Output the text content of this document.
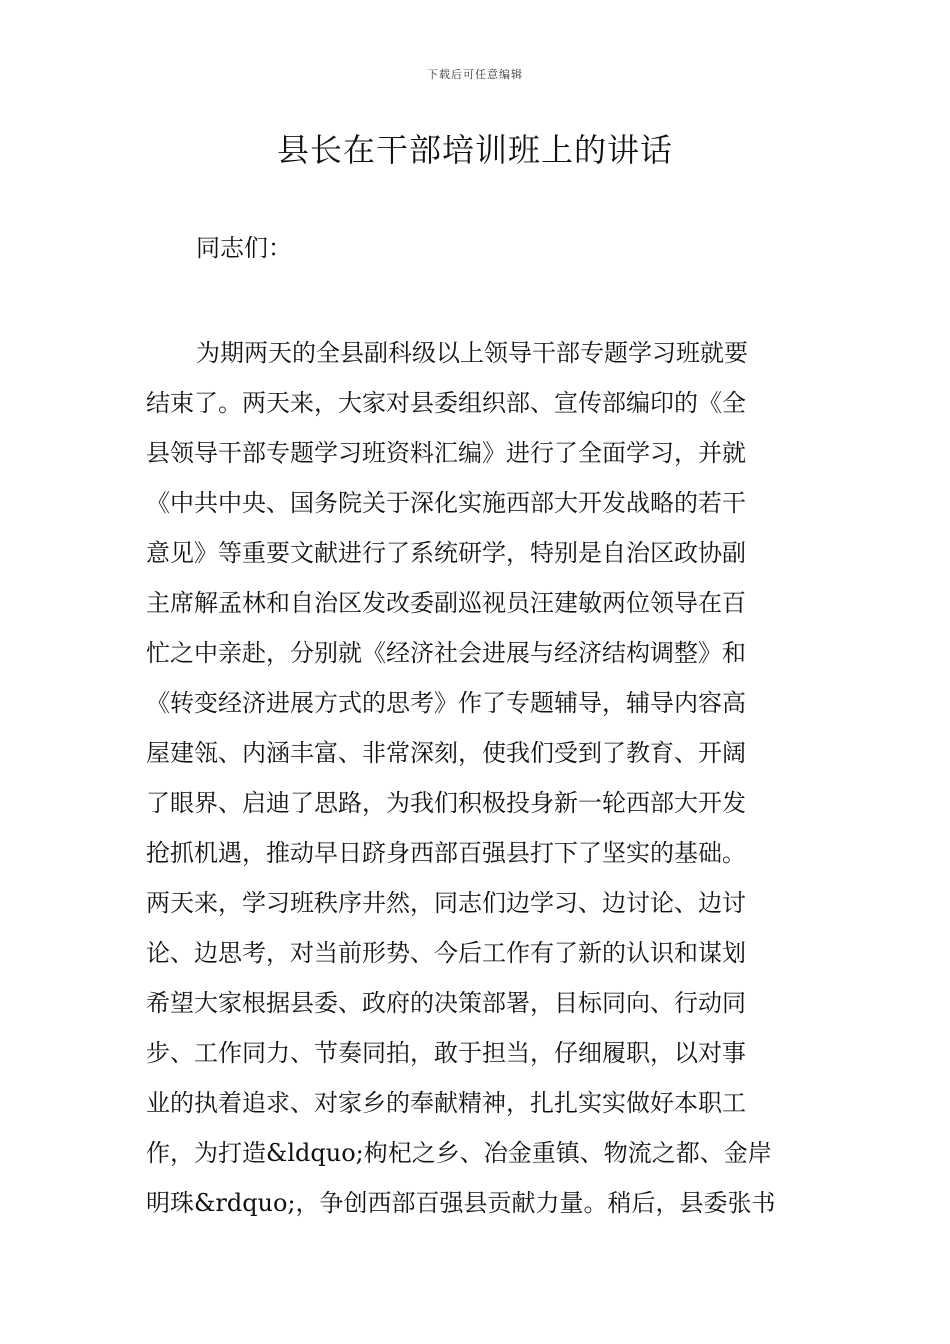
下载后可任意编辑
县长在干部培训班上的讲话

同志们：

为期两天的全县副科级以上领导干部专题学习班就要
结束了。两天来，大家对县委组织部、宣传部编印的《全
县领导干部专题学习班资料汇编》进行了全面学习，并就
《中共中央、国务院关于深化实施西部大开发战略的若干
意见》等重要文献进行了系统研学，特别是自治区政协副
主席解孟林和自治区发改委副巡视员汪建敏两位领导在百
忙之中亲赴，分别就《经济社会进展与经济结构调整》和
《转变经济进展方式的思考》作了专题辅导，辅导内容高
屋建瓴、内涵丰富、非常深刻，使我们受到了教育、开阔
了眼界、启迪了思路，为我们积极投身新一轮西部大开发
抢抓机遇，推动早日跻身西部百强县打下了坚实的基础。
两天来，学习班秩序井然，同志们边学习、边讨论、边讨
论、边思考，对当前形势、今后工作有了新的认识和谋划
希望大家根据县委、政府的决策部署，目标同向、行动同
步、工作同力、节奏同拍，敢于担当，仔细履职，以对事
业的执着追求、对家乡的奉献精神，扎扎实实做好本职工
作，为打造&ldquo;枸杞之乡、冶金重镇、物流之都、金岸
明珠&rdquo;，争创西部百强县贡献力量。稍后，县委张书
